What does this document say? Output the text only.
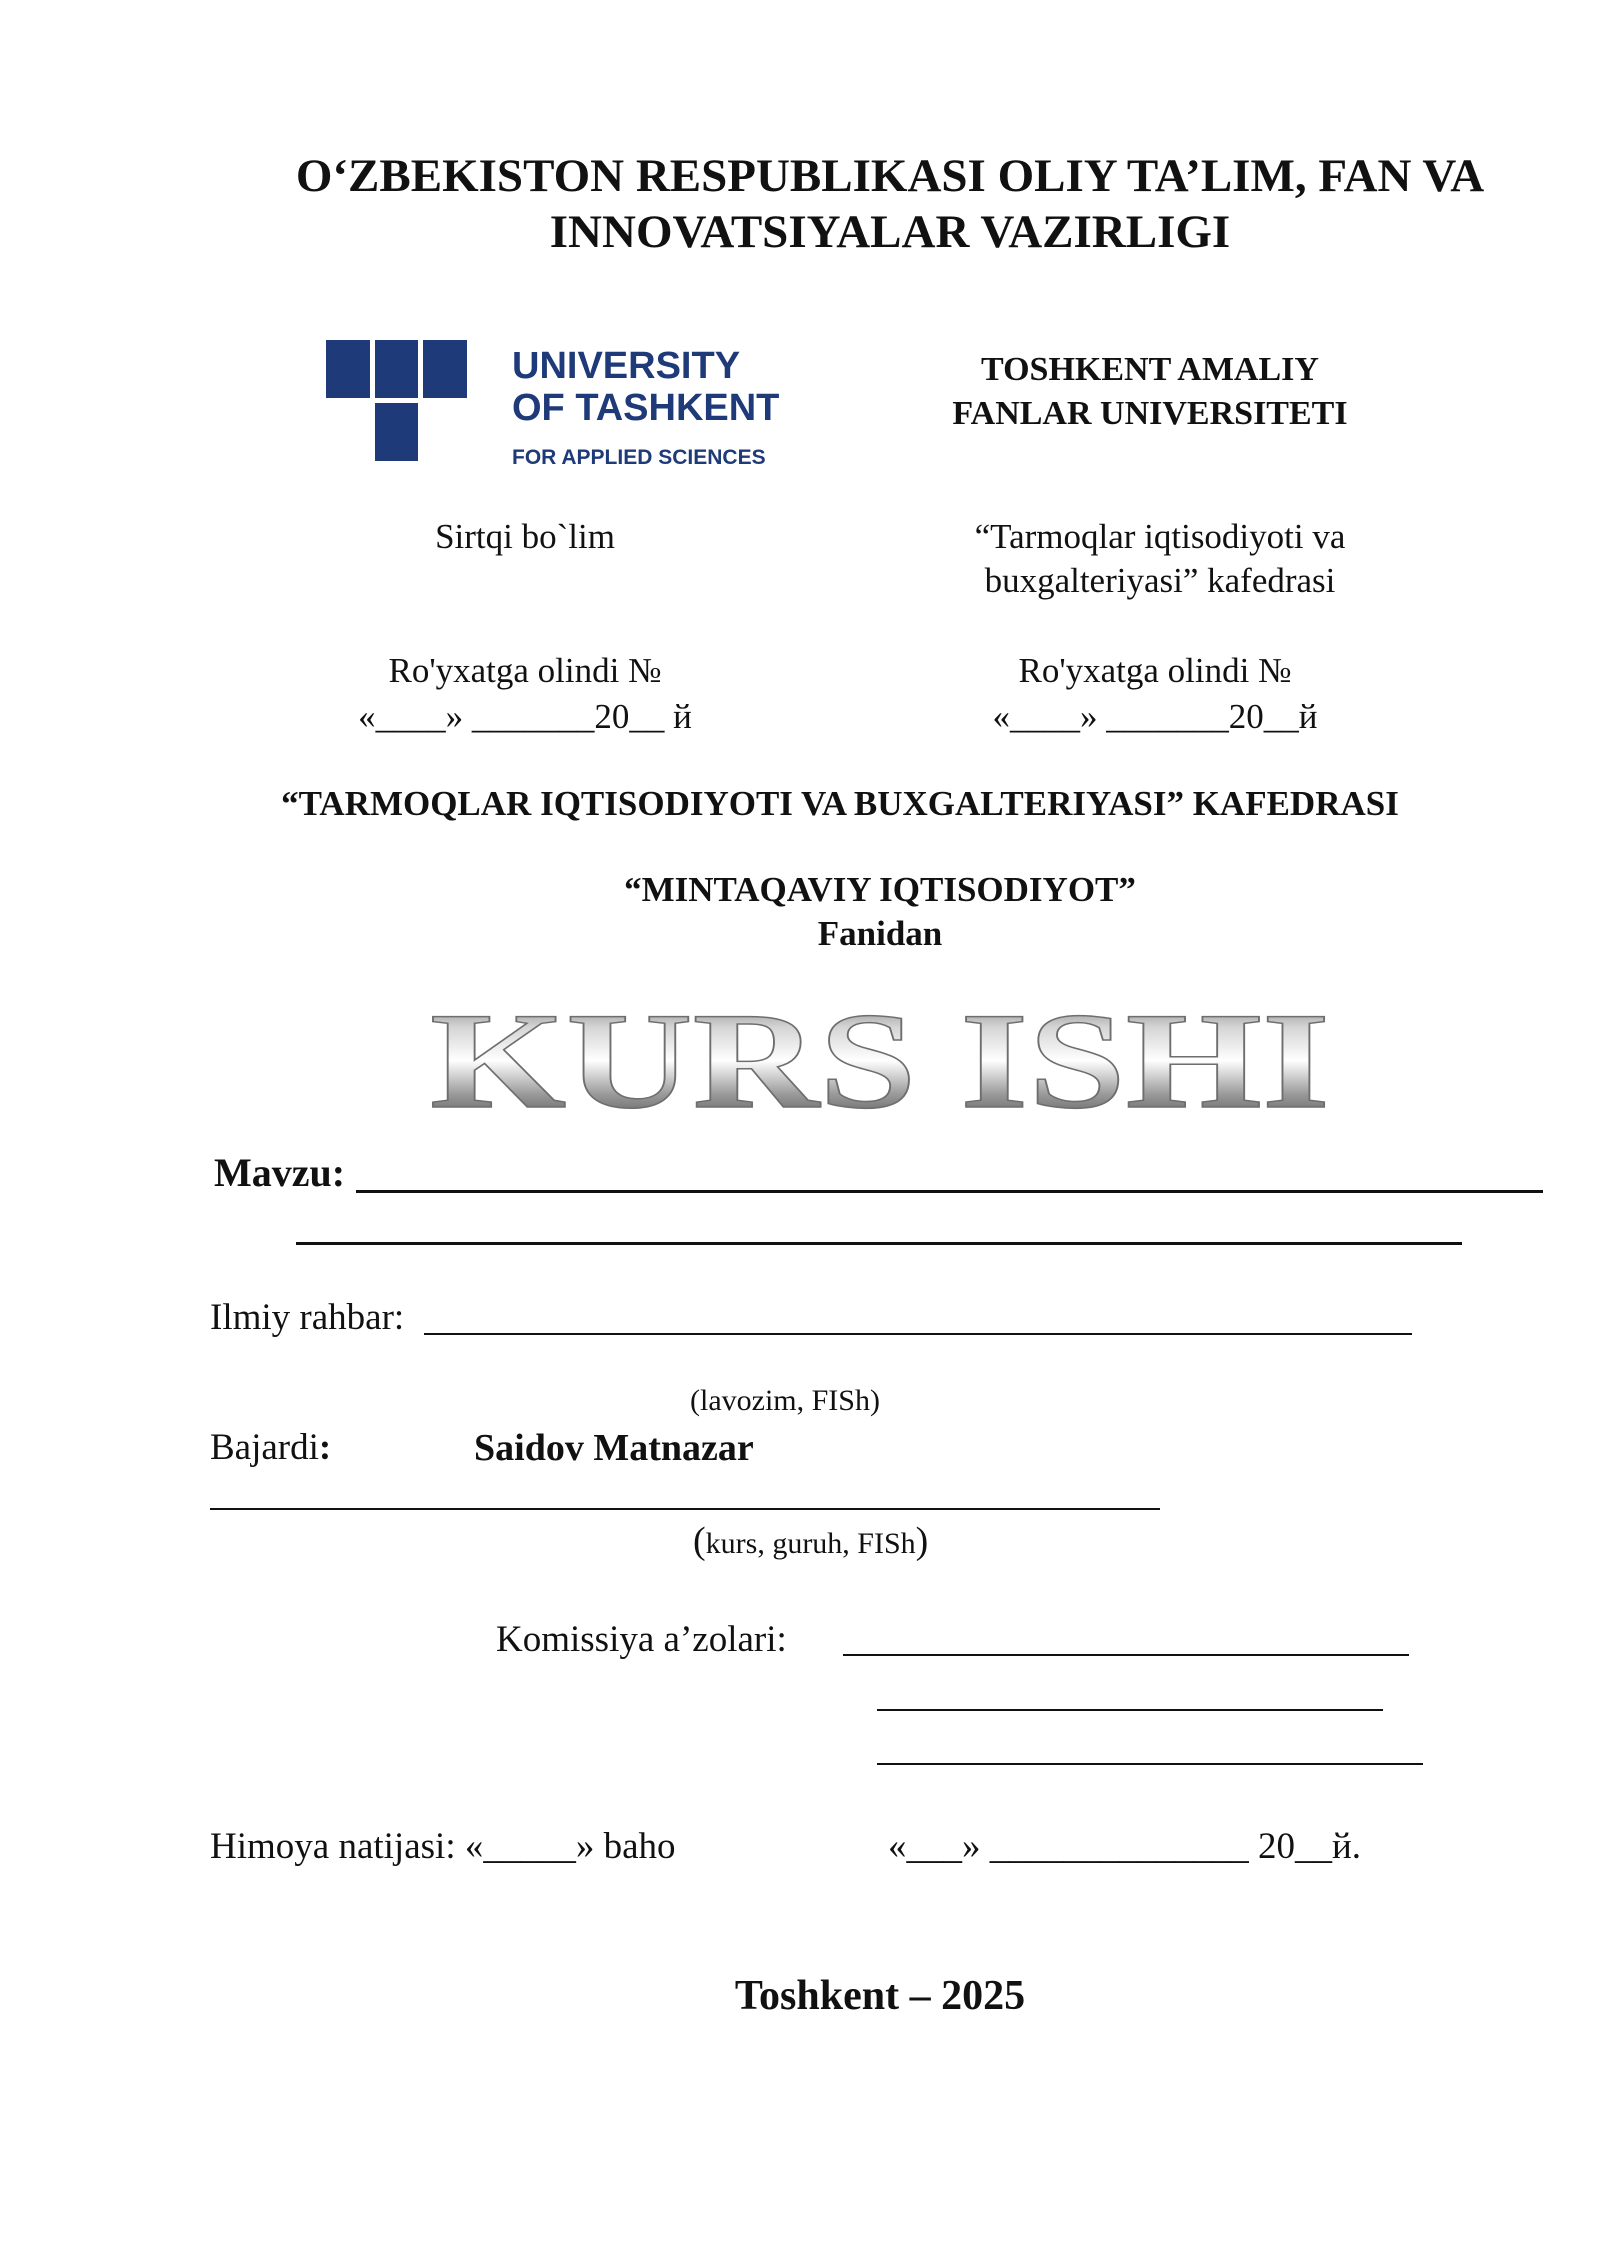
O‘ZBEKISTON RESPUBLIKASI OLIY TA’LIM, FAN VA
INNOVATSIYALAR VAZIRLIGI
UNIVERSITY
OF TASHKENT
FOR APPLIED SCIENCES
TOSHKENT AMALIY
FANLAR UNIVERSITETI
Sirtqi bo`lim	“Tarmoqlar iqtisodiyoti va
buxgalteriyasi” kafedrasi
Ro'yxatga olindi №
«____» _______20__ й
Ro'yxatga olindi №
«____» _______20__й
“TARMOQLAR IQTISODIYOTI VA BUXGALTERIYASI” KAFEDRASI
“MINTAQAVIY IQTISODIYOT”
Fanidan
KURS ISHI
Mavzu:
Ilmiy rahbar:
(lavozim, FISh)
Bajardi:	Saidov Matnazar
(kurs, guruh, FISh)
Komissiya a’zolari:
Himoya natijasi: «_____» baho	«___» ______________ 20__й.
Toshkent – 2025
